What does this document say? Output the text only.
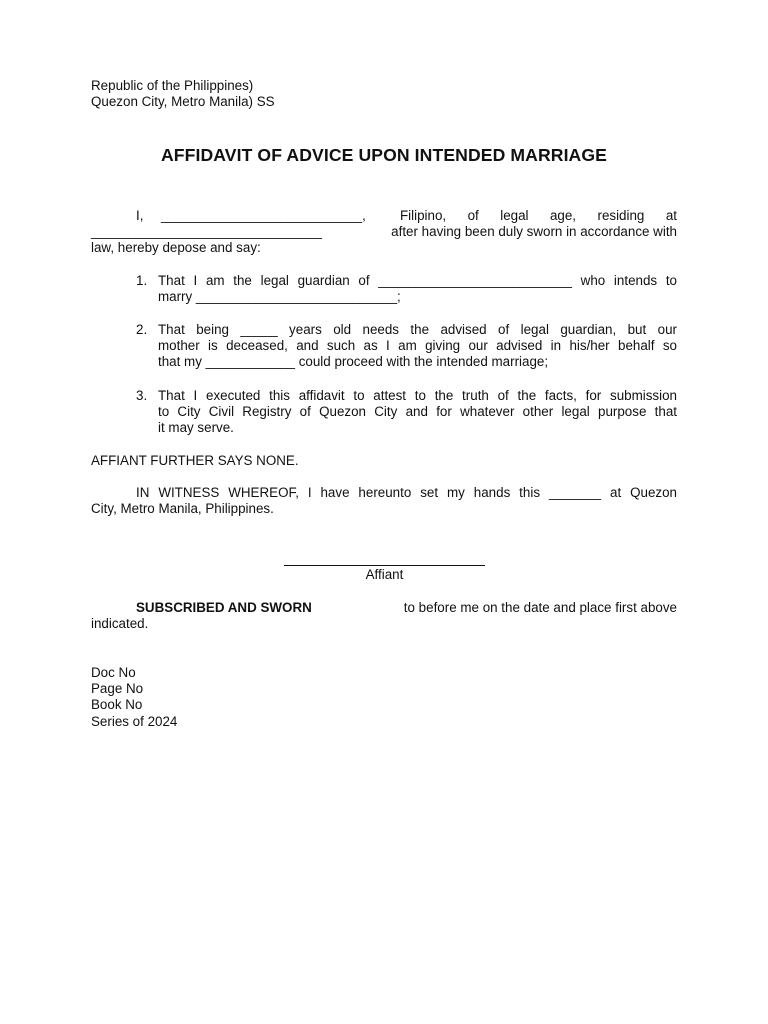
Republic of the Philippines)
Quezon City, Metro Manila) SS
AFFIDAVIT OF ADVICE UPON INTENDED MARRIAGE
I, ___________________________,	Filipino, of legal age, residing at
_______________________________	after having been duly sworn in accordance with
law, hereby depose and say:
1. That I am the legal guardian of __________________________ who intends to
marry ___________________________;
2. That being _____ years old needs the advised of legal guardian, but our
mother is deceased, and such as I am giving our advised in his/her behalf so
that my ____________ could proceed with the intended marriage;
3. That I executed this affidavit to attest to the truth of the facts, for submission
to City Civil Registry of Quezon City and for whatever other legal purpose that
it may serve.
AFFIANT FURTHER SAYS NONE.
IN WITNESS WHEREOF, I have hereunto set my hands this _______ at Quezon
City, Metro Manila, Philippines.
Affiant
SUBSCRIBED AND SWORN	to before me on the date and place first above
indicated.
Doc No
Page No
Book No
Series of 2024
